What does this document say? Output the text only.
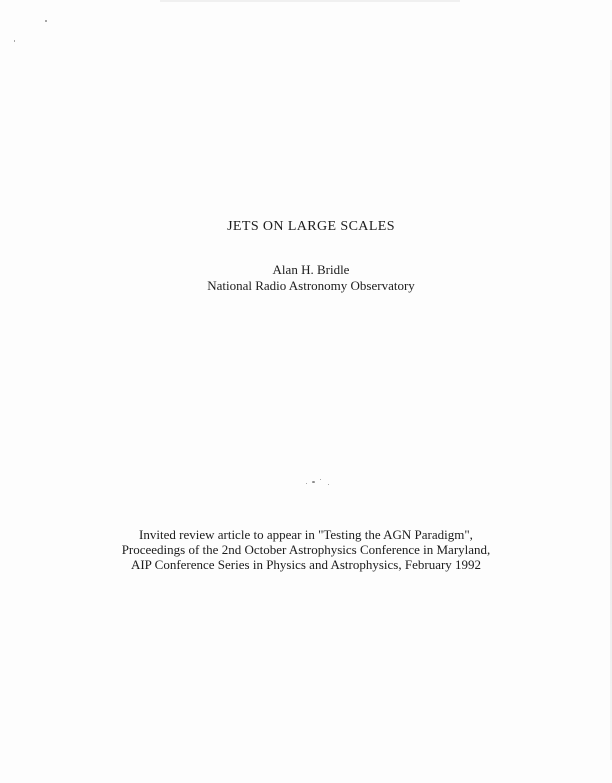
JETS ON LARGE SCALES
Alan H. Bridle
National Radio Astronomy Observatory
Invited review article to appear in "Testing the AGN Paradigm",
Proceedings of the 2nd October Astrophysics Conference in Maryland,
AIP Conference Series in Physics and Astrophysics, February 1992
